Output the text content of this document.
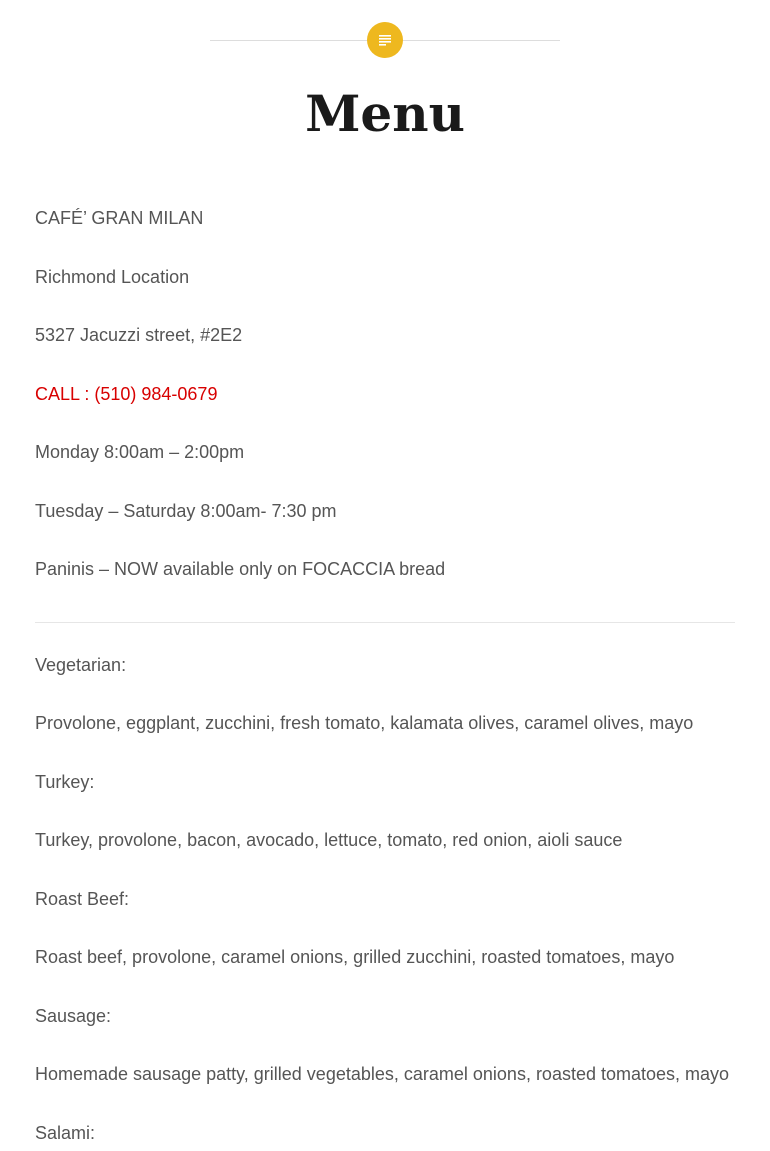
Menu
CAFÉ’ GRAN MILAN
Richmond Location
5327 Jacuzzi street, #2E2
CALL : (510) 984-0679
Monday 8:00am – 2:00pm
Tuesday – Saturday 8:00am- 7:30 pm
Paninis – NOW available only on FOCACCIA bread
Vegetarian:
Provolone, eggplant, zucchini, fresh tomato, kalamata olives, caramel olives, mayo
Turkey:
Turkey, provolone, bacon, avocado, lettuce, tomato, red onion, aioli sauce
Roast Beef:
Roast beef, provolone, caramel onions, grilled zucchini, roasted tomatoes, mayo
Sausage:
Homemade sausage patty, grilled vegetables, caramel onions, roasted tomatoes, mayo
Salami:
